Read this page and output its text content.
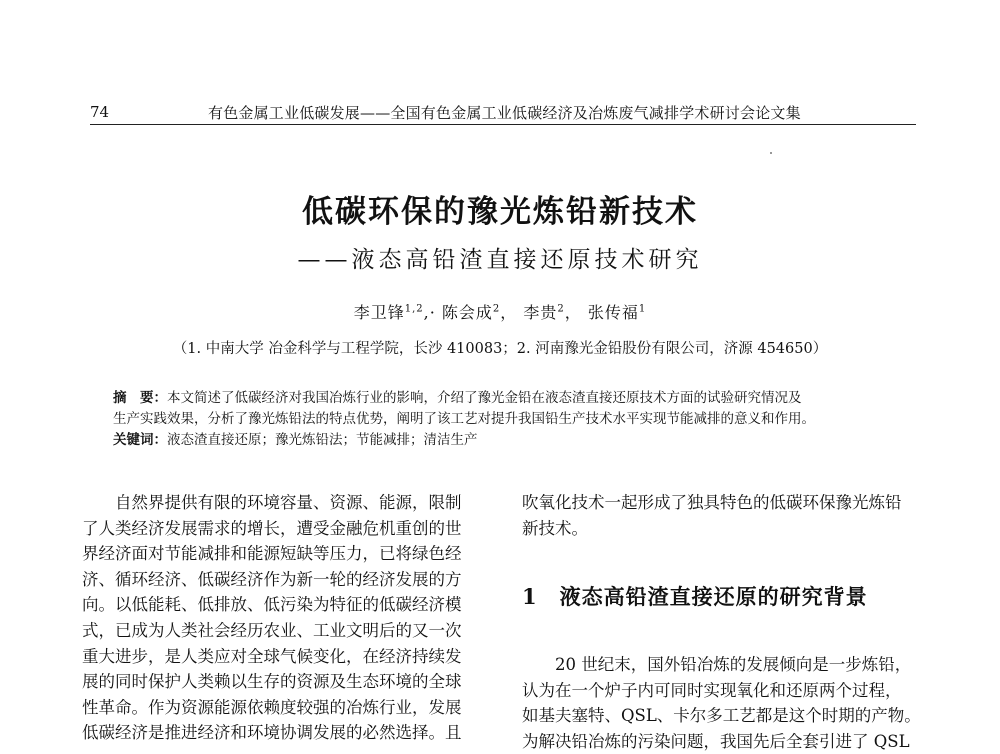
74	有色金属工业低碳发展——全国有色金属工业低碳经济及冶炼废气减排学术研讨会论文集
低碳环保的豫光炼铅新技术
——液态高铅渣直接还原技术研究
李卫锋$^{1,2}$,· 陈会成$^2$， 李贵$^2$， 张传福$^1$
（1. 中南大学 冶金科学与工程学院，长沙 410083；2. 河南豫光金铅股份有限公司，济源 454650）
摘　要：本文简述了低碳经济对我国冶炼行业的影响，介绍了豫光金铅在液态渣直接还原技术方面的试验研究情况及
生产实践效果，分析了豫光炼铅法的特点优势，阐明了该工艺对提升我国铅生产技术水平实现节能减排的意义和作用。
关键词：液态渣直接还原；豫光炼铅法；节能减排；清洁生产
　　自然界提供有限的环境容量、资源、能源，限制
了人类经济发展需求的增长，遭受金融危机重创的世
界经济面对节能减排和能源短缺等压力，已将绿色经
济、循环经济、低碳经济作为新一轮的经济发展的方
向。以低能耗、低排放、低污染为特征的低碳经济模
式，已成为人类社会经历农业、工业文明后的又一次
重大进步，是人类应对全球气候变化，在经济持续发
展的同时保护人类赖以生存的资源及生态环境的全球
性革命。作为资源能源依赖度较强的冶炼行业，发展
低碳经济是推进经济和环境协调发展的必然选择。且
吹氧化技术一起形成了独具特色的低碳环保豫光炼铅
新技术。
1 液态高铅渣直接还原的研究背景
　　20 世纪末，国外铅冶炼的发展倾向是一步炼铅，
认为在一个炉子内可同时实现氧化和还原两个过程，
如基夫塞特、QSL、卡尔多工艺都是这个时期的产物。
为解决铅冶炼的污染问题，我国先后全套引进了 QSL
